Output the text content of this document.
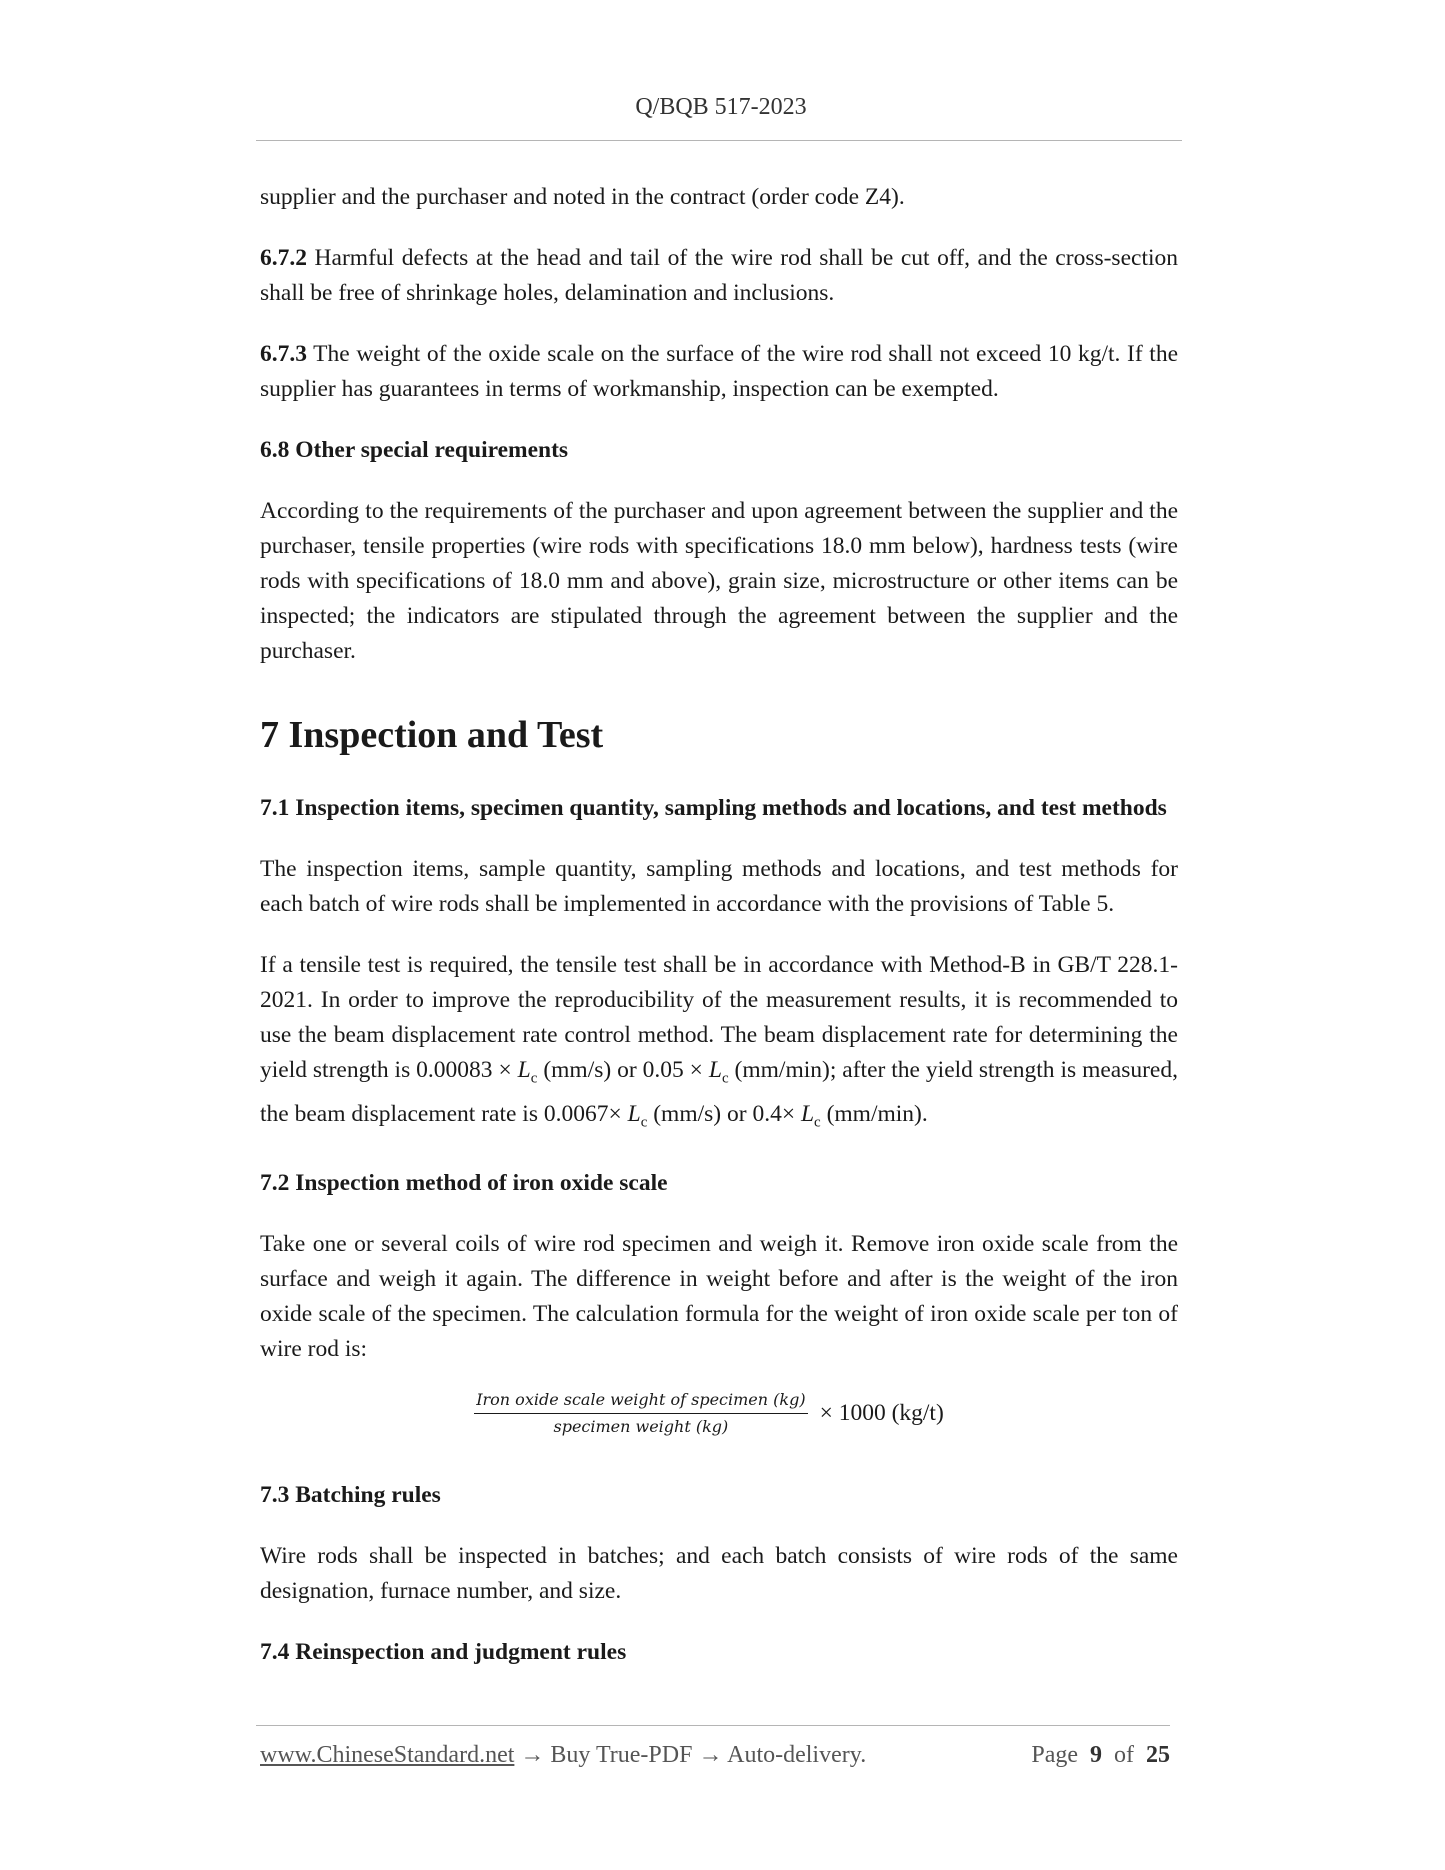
Q/BQB 517-2023

supplier and the purchaser and noted in the contract (order code Z4).

6.7.2 Harmful defects at the head and tail of the wire rod shall be cut off, and the cross-section shall be free of shrinkage holes, delamination and inclusions.

6.7.3 The weight of the oxide scale on the surface of the wire rod shall not exceed 10 kg/t. If the supplier has guarantees in terms of workmanship, inspection can be exempted.

6.8 Other special requirements

According to the requirements of the purchaser and upon agreement between the supplier and the purchaser, tensile properties (wire rods with specifications 18.0 mm below), hardness tests (wire rods with specifications of 18.0 mm and above), grain size, microstructure or other items can be inspected; the indicators are stipulated through the agreement between the supplier and the purchaser.

7 Inspection and Test
7.1 Inspection items, specimen quantity, sampling methods and locations, and test methods

The inspection items, sample quantity, sampling methods and locations, and test methods for each batch of wire rods shall be implemented in accordance with the provisions of Table 5.

If a tensile test is required, the tensile test shall be in accordance with Method-B in GB/T 228.1-2021. In order to improve the reproducibility of the measurement results, it is recommended to use the beam displacement rate control method. The beam displacement rate for determining the yield strength is $0.00083 \times L_c$ (mm/s) or $0.05 \times L_c$ (mm/min); after the yield strength is measured, the beam displacement rate is $0.0067\times L_c$ (mm/s) or $0.4\times L_c$ (mm/min).

7.2 Inspection method of iron oxide scale

Take one or several coils of wire rod specimen and weigh it. Remove iron oxide scale from the surface and weigh it again. The difference in weight before and after is the weight of the iron oxide scale of the specimen. The calculation formula for the weight of iron oxide scale per ton of wire rod is:

$\frac{\text{Iron oxide scale weight of specimen (kg)}}{\text{specimen weight (kg)}} \times 1000$ (kg/t)
7.3 Batching rules

Wire rods shall be inspected in batches; and each batch consists of wire rods of the same designation, furnace number, and size.

7.4 Reinspection and judgment rules
www.ChineseStandard.net → Buy True-PDF → Auto-delivery.	Page 9 of 25
